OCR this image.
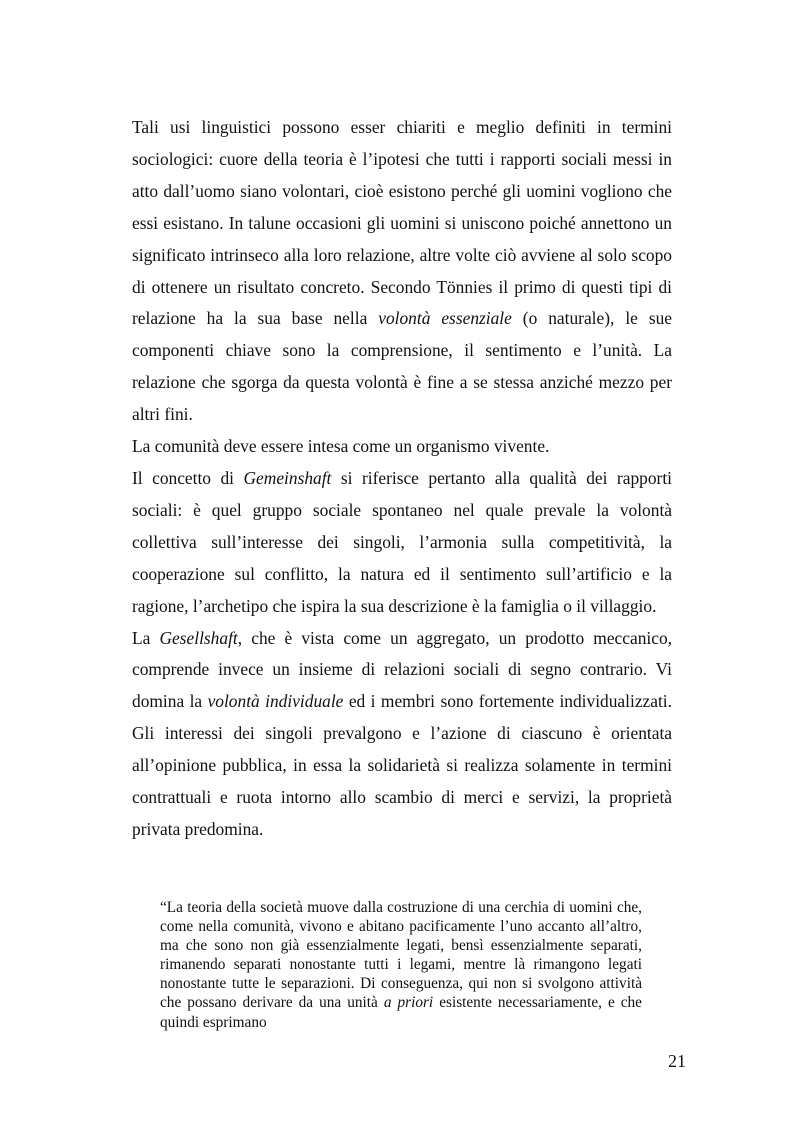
Tali usi linguistici possono esser chiariti e meglio definiti in termini sociologici: cuore della teoria è l’ipotesi che tutti i rapporti sociali messi in atto dall’uomo siano volontari, cioè esistono perché gli uomini vogliono che essi esistano. In talune occasioni gli uomini si uniscono poiché annettono un significato intrinseco alla loro relazione, altre volte ciò avviene al solo scopo di ottenere un risultato concreto. Secondo Tönnies il primo di questi tipi di relazione ha la sua base nella volontà essenziale (o naturale), le sue componenti chiave sono la comprensione, il sentimento e l’unità. La relazione che sgorga da questa volontà è fine a se stessa anziché mezzo per altri fini.

La comunità deve essere intesa come un organismo vivente.

Il concetto di Gemeinshaft si riferisce pertanto alla qualità dei rapporti sociali: è quel gruppo sociale spontaneo nel quale prevale la volontà collettiva sull’interesse dei singoli, l’armonia sulla competitività, la cooperazione sul conflitto, la natura ed il sentimento sull’artificio e la ragione, l’archetipo che ispira la sua descrizione è la famiglia o il villaggio.

La Gesellshaft, che è vista come un aggregato, un prodotto meccanico, comprende invece un insieme di relazioni sociali di segno contrario. Vi domina la volontà individuale ed i membri sono fortemente individualizzati. Gli interessi dei singoli prevalgono e l’azione di ciascuno è orientata all’opinione pubblica, in essa la solidarietà si realizza solamente in termini contrattuali e ruota intorno allo scambio di merci e servizi, la proprietà privata predomina.

“La teoria della società muove dalla costruzione di una cerchia di uomini che, come nella comunità, vivono e abitano pacificamente l’uno accanto all’altro, ma che sono non già essenzialmente legati, bensì essenzialmente separati, rimanendo separati nonostante tutti i legami, mentre là rimangono legati nonostante tutte le separazioni. Di conseguenza, qui non si svolgono attività che possano derivare da una unità a priori esistente necessariamente, e che quindi esprimano

21
